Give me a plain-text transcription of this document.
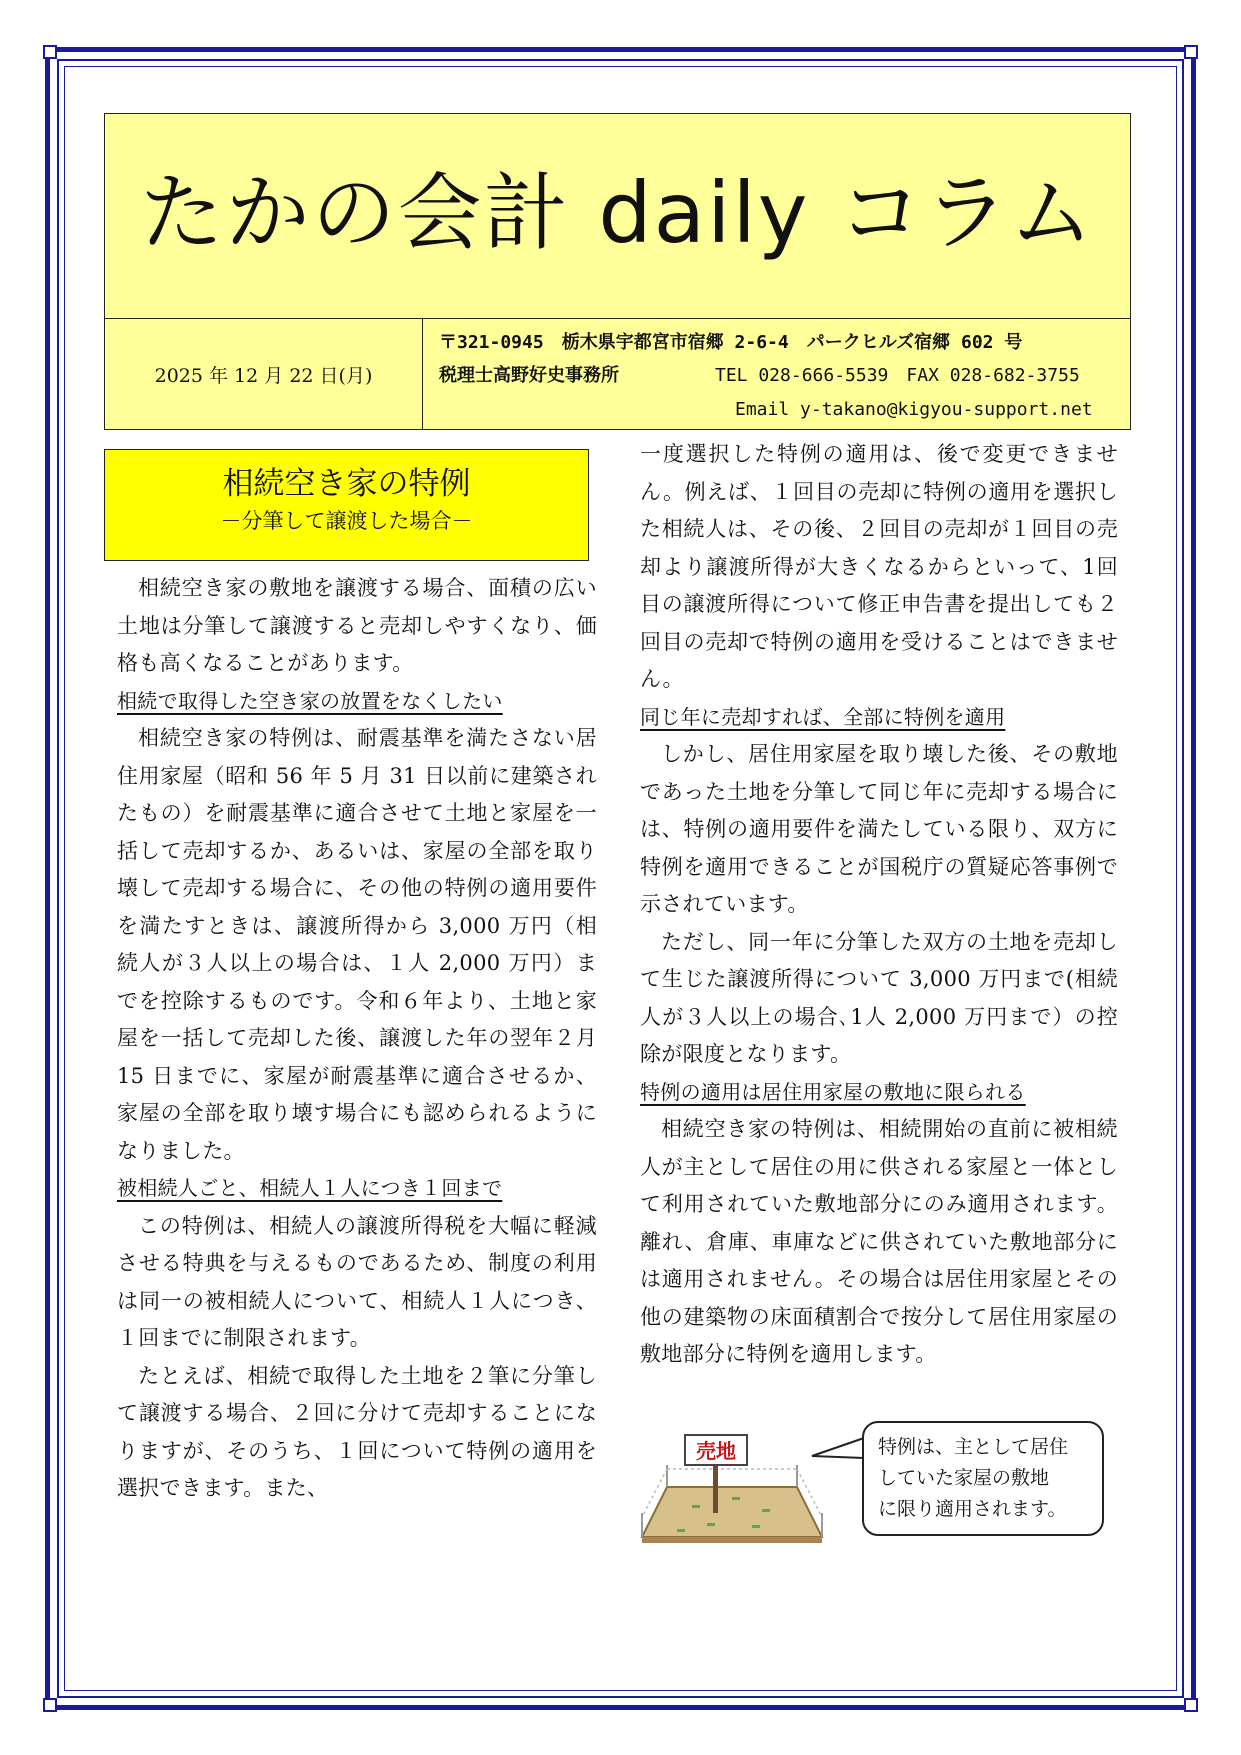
たかの会計 daily コラム
2025 年 12 月 22 日(月)
〒321-0945　栃木県宇都宮市宿郷 2-6-4　パークヒルズ宿郷 602 号
税理士高野好史事務所	TEL 028-666-5539　FAX 028-682-3755
Email y-takano@kigyou-support.net
相続空き家の特例
－分筆して譲渡した場合－

相続空き家の敷地を譲渡する場合、面積の広い土地は分筆して譲渡すると売却しやすくなり、価格も高くなることがあります。

相続で取得した空き家の放置をなくしたい

相続空き家の特例は、耐震基準を満たさない居住用家屋（昭和 56 年 5 月 31 日以前に建築されたもの）を耐震基準に適合させて土地と家屋を一括して売却するか、あるいは、家屋の全部を取り壊して売却する場合に、その他の特例の適用要件を満たすときは、譲渡所得から 3,000 万円（相続人が３人以上の場合は、１人 2,000 万円）までを控除するものです。令和６年より、土地と家屋を一括して売却した後、譲渡した年の翌年２月 15 日までに、家屋が耐震基準に適合させるか、家屋の全部を取り壊す場合にも認められるようになりました。

被相続人ごと、相続人１人につき１回まで

この特例は、相続人の譲渡所得税を大幅に軽減させる特典を与えるものであるため、制度の利用は同一の被相続人について、相続人１人につき、１回までに制限されます。

たとえば、相続で取得した土地を２筆に分筆して譲渡する場合、２回に分けて売却することになりますが、そのうち、１回について特例の適用を選択できます。また、

一度選択した特例の適用は、後で変更できません。例えば、１回目の売却に特例の適用を選択した相続人は、その後、２回目の売却が１回目の売却より譲渡所得が大きくなるからといって、1回目の譲渡所得について修正申告書を提出しても２回目の売却で特例の適用を受けることはできません。

同じ年に売却すれば、全部に特例を適用

しかし、居住用家屋を取り壊した後、その敷地であった土地を分筆して同じ年に売却する場合には、特例の適用要件を満たしている限り、双方に特例を適用できることが国税庁の質疑応答事例で示されています。

ただし、同一年に分筆した双方の土地を売却して生じた譲渡所得について 3,000 万円まで(相続人が３人以上の場合､1人 2,000 万円まで）の控除が限度となります。

特例の適用は居住用家屋の敷地に限られる

相続空き家の特例は、相続開始の直前に被相続人が主として居住の用に供される家屋と一体として利用されていた敷地部分にのみ適用されます。離れ、倉庫、車庫などに供されていた敷地部分には適用されません。その場合は居住用家屋とその他の建築物の床面積割合で按分して居住用家屋の敷地部分に特例を適用します。

売地	特例は、主として居住
していた家屋の敷地
に限り適用されます。
